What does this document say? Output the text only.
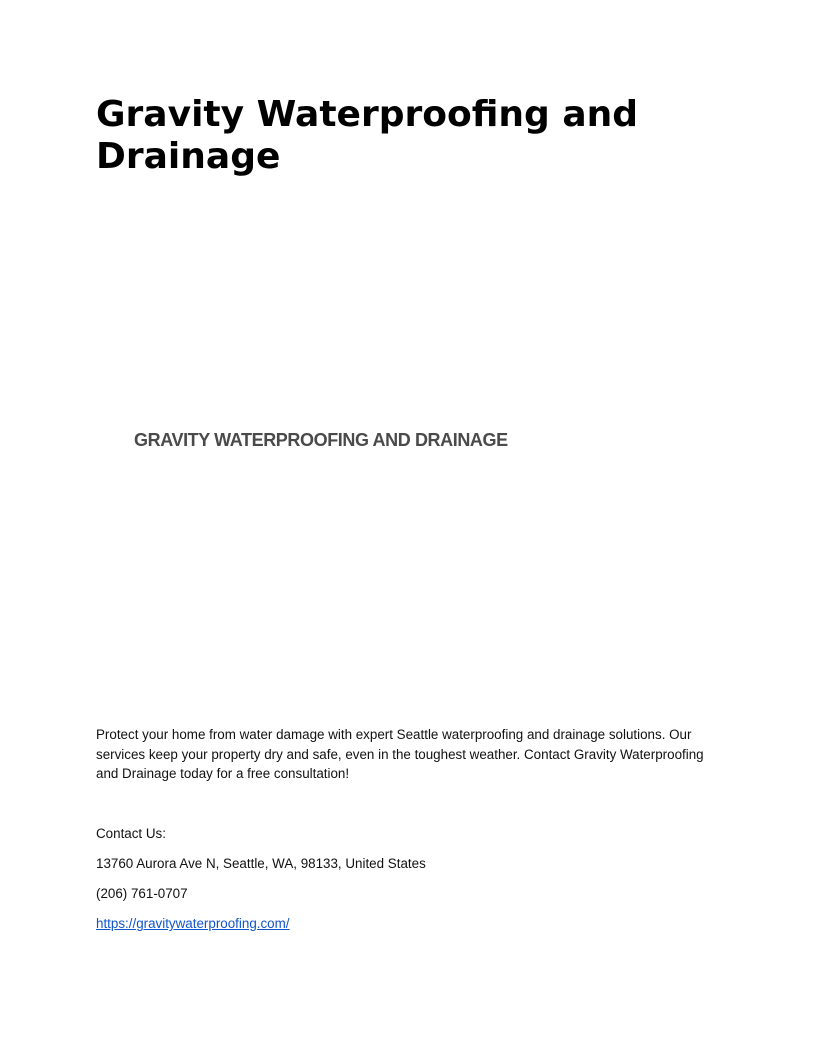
Gravity Waterproofing and Drainage
GRAVITY WATERPROOFING AND DRAINAGE

Protect your home from water damage with expert Seattle waterproofing and drainage solutions. Our services keep your property dry and safe, even in the toughest weather. Contact Gravity Waterproofing and Drainage today for a free consultation!

Contact Us:
13760 Aurora Ave N, Seattle, WA, 98133, United States
(206) 761-0707
https://gravitywaterproofing.com/
